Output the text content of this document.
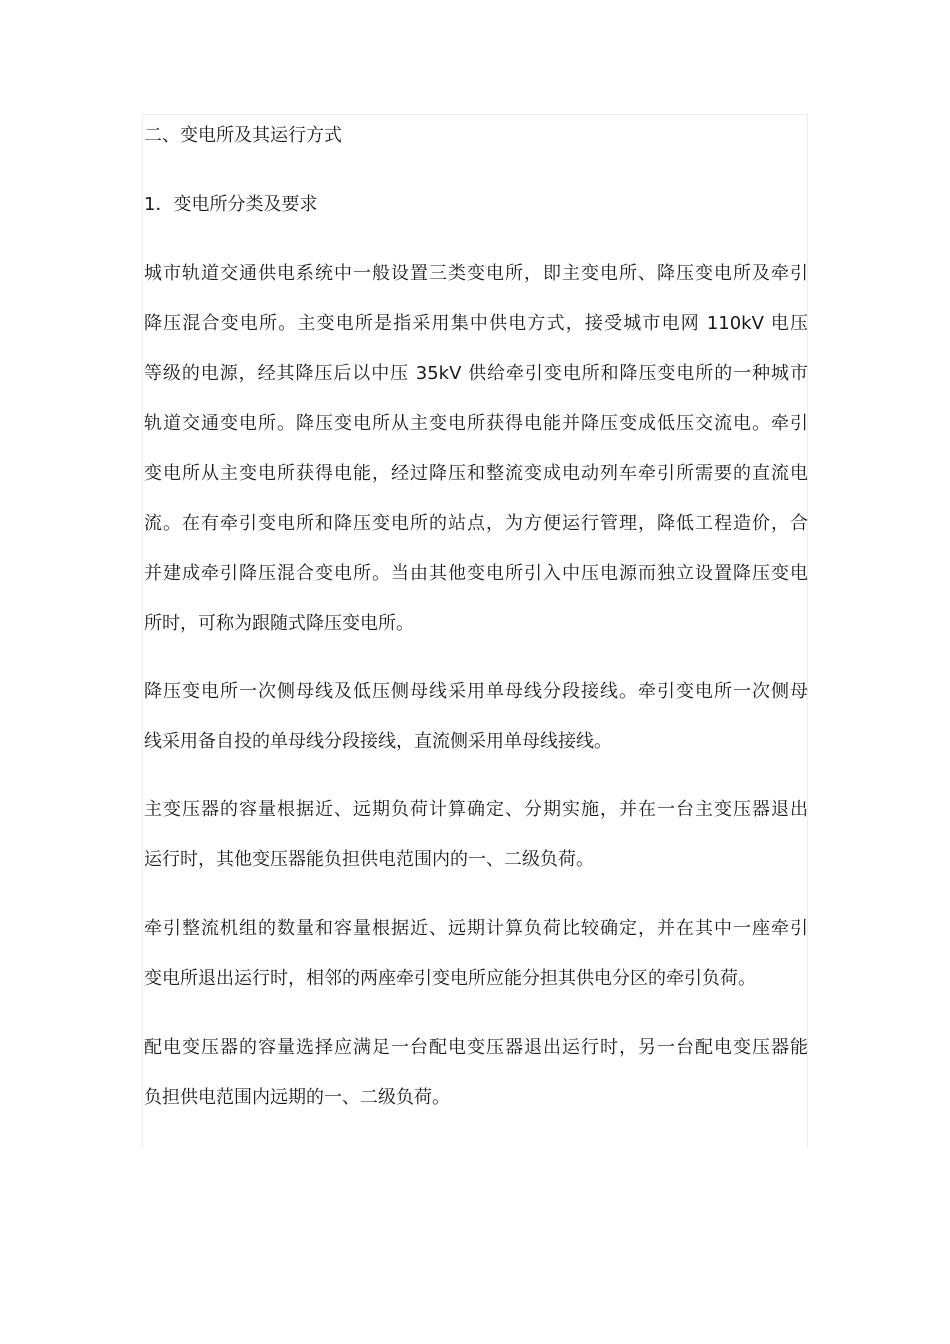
二、变电所及其运行方式
1．变电所分类及要求
城市轨道交通供电系统中一般设置三类变电所，即主变电所、降压变电所及牵引
降压混合变电所。主变电所是指采用集中供电方式，接受城市电网 110kV 电压
等级的电源，经其降压后以中压 35kV 供给牵引变电所和降压变电所的一种城市
轨道交通变电所。降压变电所从主变电所获得电能并降压变成低压交流电。牵引
变电所从主变电所获得电能，经过降压和整流变成电动列车牵引所需要的直流电
流。在有牵引变电所和降压变电所的站点，为方便运行管理，降低工程造价，合
并建成牵引降压混合变电所。当由其他变电所引入中压电源而独立设置降压变电
所时，可称为跟随式降压变电所。
降压变电所一次侧母线及低压侧母线采用单母线分段接线。牵引变电所一次侧母
线采用备自投的单母线分段接线，直流侧采用单母线接线。
主变压器的容量根据近、远期负荷计算确定、分期实施，并在一台主变压器退出
运行时，其他变压器能负担供电范围内的一、二级负荷。
牵引整流机组的数量和容量根据近、远期计算负荷比较确定，并在其中一座牵引
变电所退出运行时，相邻的两座牵引变电所应能分担其供电分区的牵引负荷。
配电变压器的容量选择应满足一台配电变压器退出运行时，另一台配电变压器能
负担供电范围内远期的一、二级负荷。
